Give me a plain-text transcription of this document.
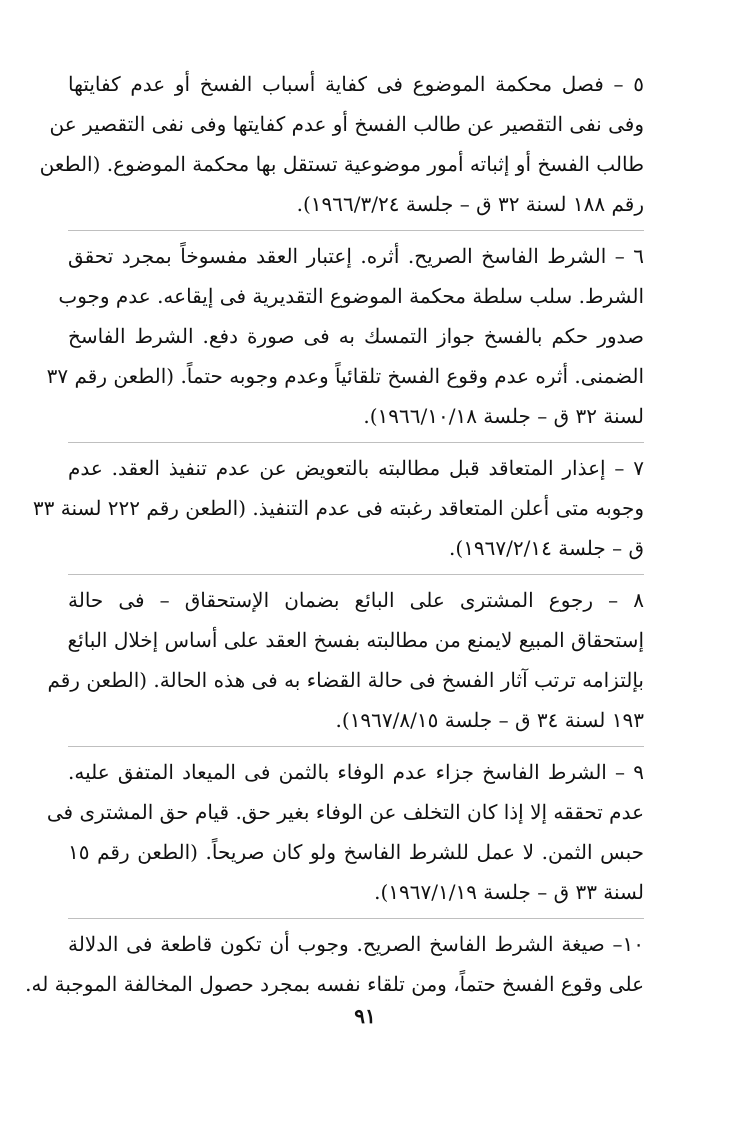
٥ – فصل محكمة الموضوع فى كفاية أسباب الفسخ أو عدم كفايتها
وفى نفى التقصير عن طالب الفسخ أو عدم كفايتها وفى نفى التقصير عن
طالب الفسخ أو إثباته أمور موضوعية تستقل بها محكمة الموضوع. (الطعن
رقم ١٨٨ لسنة ٣٢ ق – جلسة ١٩٦٦/٣/٢٤).
٦ – الشرط الفاسخ الصريح. أثره. إعتبار العقد مفسوخاً بمجرد تحقق
الشرط. سلب سلطة محكمة الموضوع التقديرية فى إيقاعه. عدم وجوب
صدور حكم بالفسخ جواز التمسك به فى صورة دفع. الشرط الفاسخ
الضمنى. أثره عدم وقوع الفسخ تلقائياً وعدم وجوبه حتماً. (الطعن رقم ٣٧
لسنة ٣٢ ق – جلسة ١٩٦٦/١٠/١٨).
٧ – إعذار المتعاقد قبل مطالبته بالتعويض عن عدم تنفيذ العقد. عدم
وجوبه متى أعلن المتعاقد رغبته فى عدم التنفيذ. (الطعن رقم ٢٢٢ لسنة ٣٣
ق – جلسة ١٩٦٧/٢/١٤).
٨ – رجوع المشترى على البائع بضمان الإستحقاق – فى حالة
إستحقاق المبيع لايمنع من مطالبته بفسخ العقد على أساس إخلال البائع
بإلتزامه ترتب آثار الفسخ فى حالة القضاء به فى هذه الحالة. (الطعن رقم
١٩٣ لسنة ٣٤ ق – جلسة ١٩٦٧/٨/١٥).
٩ – الشرط الفاسخ جزاء عدم الوفاء بالثمن فى الميعاد المتفق عليه.
عدم تحققه إلا إذا كان التخلف عن الوفاء بغير حق. قيام حق المشترى فى
حبس الثمن. لا عمل للشرط الفاسخ ولو كان صريحاً. (الطعن رقم ١٥
لسنة ٣٣ ق – جلسة ١٩٦٧/١/١٩).
١٠– صيغة الشرط الفاسخ الصريح. وجوب أن تكون قاطعة فى الدلالة
على وقوع الفسخ حتماً، ومن تلقاء نفسه بمجرد حصول المخالفة الموجبة له.
٩١
